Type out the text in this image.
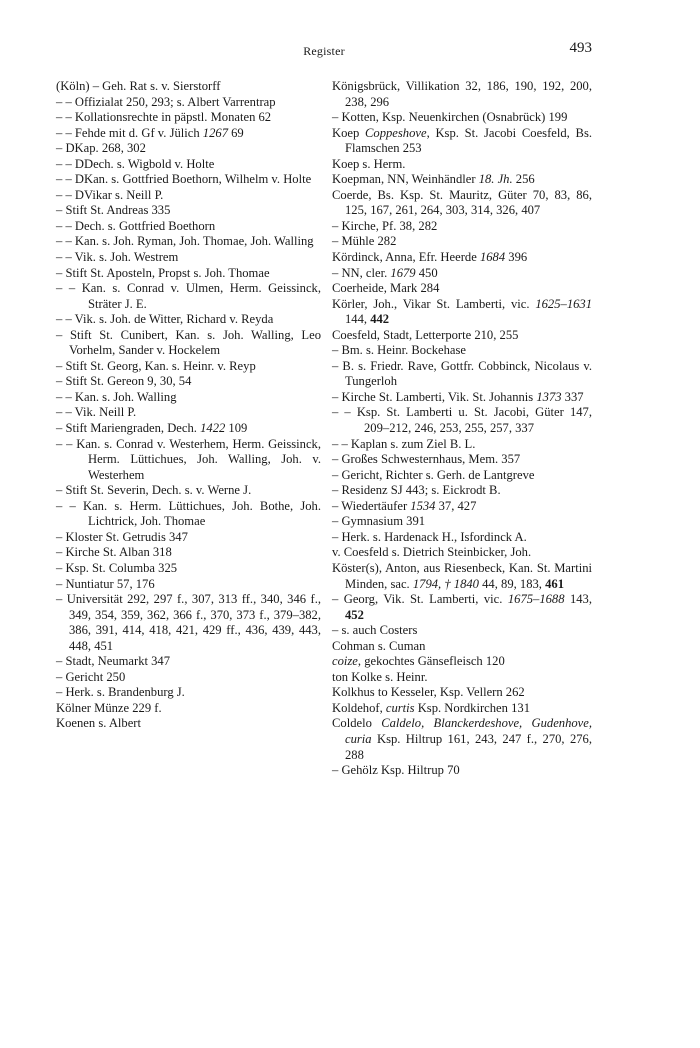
Register	493

(Köln) – Geh. Rat s. v. Sierstorff

– – Offizialat 250, 293; s. Albert Varrentrap

– – Kollationsrechte in päpstl. Monaten 62

– – Fehde mit d. Gf v. Jülich 1267 69

– DKap. 268, 302

– – DDech. s. Wigbold v. Holte

– – DKan. s. Gottfried Boethorn, Wilhelm v. Holte

– – DVikar s. Neill P.

– Stift St. Andreas 335

– – Dech. s. Gottfried Boethorn

– – Kan. s. Joh. Ryman, Joh. Thomae, Joh. Walling

– – Vik. s. Joh. Westrem

– Stift St. Aposteln, Propst s. Joh. Thomae

– – Kan. s. Conrad v. Ulmen, Herm. Geissinck, Sträter J. E.

– – Vik. s. Joh. de Witter, Richard v. Reyda

– Stift St. Cunibert, Kan. s. Joh. Walling, Leo Vorhelm, Sander v. Hockelem

– Stift St. Georg, Kan. s. Heinr. v. Reyp

– Stift St. Gereon 9, 30, 54

– – Kan. s. Joh. Walling

– – Vik. Neill P.

– Stift Mariengraden, Dech. 1422 109

– – Kan. s. Conrad v. Westerhem, Herm. Geissinck, Herm. Lüttichues, Joh. Walling, Joh. v. Westerhem

– Stift St. Severin, Dech. s. v. Werne J.

– – Kan. s. Herm. Lüttichues, Joh. Bothe, Joh. Lichtrick, Joh. Thomae

– Kloster St. Getrudis 347

– Kirche St. Alban 318

– Ksp. St. Columba 325

– Nuntiatur 57, 176

– Universität 292, 297 f., 307, 313 ff., 340, 346 f., 349, 354, 359, 362, 366 f., 370, 373 f., 379–382, 386, 391, 414, 418, 421, 429 ff., 436, 439, 443, 448, 451

– Stadt, Neumarkt 347

– Gericht 250

– Herk. s. Brandenburg J.

Kölner Münze 229 f.

Koenen s. Albert

Königsbrück, Villikation 32, 186, 190, 192, 200, 238, 296

– Kotten, Ksp. Neuenkirchen (Osnabrück) 199

Koep Coppeshove, Ksp. St. Jacobi Coesfeld, Bs. Flamschen 253

Koep s. Herm.

Koepman, NN, Weinhändler 18. Jh. 256

Coerde, Bs. Ksp. St. Mauritz, Güter 70, 83, 86, 125, 167, 261, 264, 303, 314, 326, 407

– Kirche, Pf. 38, 282

– Mühle 282

Kördinck, Anna, Efr. Heerde 1684 396

– NN, cler. 1679 450

Coerheide, Mark 284

Körler, Joh., Vikar St. Lamberti, vic. 1625–1631 144, 442

Coesfeld, Stadt, Letterporte 210, 255

– Bm. s. Heinr. Bockehase

– B. s. Friedr. Rave, Gottfr. Cobbinck, Nicolaus v. Tungerloh

– Kirche St. Lamberti, Vik. St. Johannis 1373 337

– – Ksp. St. Lamberti u. St. Jacobi, Güter 147, 209–212, 246, 253, 255, 257, 337

– – Kaplan s. zum Ziel B. L.

– Großes Schwesternhaus, Mem. 357

– Gericht, Richter s. Gerh. de Lantgreve

– Residenz SJ 443; s. Eickrodt B.

– Wiedertäufer 1534 37, 427

– Gymnasium 391

– Herk. s. Hardenack H., Isfordinck A.

v. Coesfeld s. Dietrich Steinbicker, Joh.

Köster(s), Anton, aus Riesenbeck, Kan. St. Martini Minden, sac. 1794, † 1840 44, 89, 183, 461

– Georg, Vik. St. Lamberti, vic. 1675–1688 143, 452

– s. auch Costers

Cohman s. Cuman

coize, gekochtes Gänsefleisch 120

ton Kolke s. Heinr.

Kolkhus to Kesseler, Ksp. Vellern 262

Koldehof, curtis Ksp. Nordkirchen 131

Coldelo Caldelo, Blanckerdeshove, Gudenhove, curia Ksp. Hiltrup 161, 243, 247 f., 270, 276, 288

– Gehölz Ksp. Hiltrup 70
